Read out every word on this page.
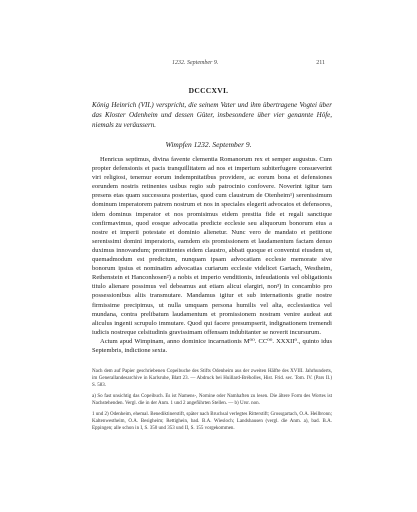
1232. September 9.	211
DCCCXVI.
König Heinrich (VII.) verspricht, die seinem Vater und ihm übertragene Vogtei über das Kloster Odenheim und dessen Güter, insbesondere über vier genannte Höfe, niemals zu veräussern.
Wimpfen 1232. September 9.

Henricus septimus, divina favente clementia Romanorum rex et semper augustus. Cum propter defensionis et pacis tranquillitatem ad nos et imperium subiterfugere consueverint viri religiosi, tenemur eorum indempnitatibus providere, ac eorum bona et defensiones eorundem nostris retinentes usibus regio sub patrocinio confovere. Noverint igitur tam presens etas quam successura posteritas, quod cum claustrum de Otenheim¹) serenissimum dominum imperatorem patrem nostrum et nos in speciales elegerit advocatos et defensores, idem dominus imperator et nos promisimus eidem prestita fide et regali sanctique confirmavimus, quod eosque advocatia predicte ecclesie seu aliquorum bonorum eius a nostre et imperii potestate et dominio alienetur. Nunc vero de mandato et petitione serenissimi domini imperatoris, eamdem eis promissionem et laudamentum factam denuo duximus innovandum; promittentes eidem claustro, abbati quoque et conventui eiusdem ut, quemadmodum est predictum, nunquam ipsam advocatiam ecclesie memorate sive bonorum ipsius et nominatim advocatias curiarum ecclesie videlicet Gartach, Westheim, Rethenstein et Hanconhosen²) a nobis et imperio venditionis, infeudationis vel obligationis titulo alienare possimus vel debeamus aut etiam alicui elargiri, non³) in concambio pro possessionibus aliis transmutare. Mandamus igitur et sub internationis gratie nostre firmissime precipimus, ut nulla umquam persona humilis vel alta, ecclesiastica vel mundana, contra prelibatum laudamentum et promissionem nostram venire audeat aut aliculus ingenii scrupulo immutare. Quod qui facere presumpserit, indignationem tremendi iudicis nostreque celsitudinis gravissimam offensam indubitanter se noverit incursurum.

Actum apud Wimpinam, anno dominice incarnationis M⁰⁰. CC⁰⁰. XXXII⁰., quinto idus Septembris, indictione sexta.

Nach dem auf Papier geschriebenen Copeibuche des Stifts Odenheim aus der zweiten Hälfte des XVIII. Jahrhunderts, im Generallandesarchive in Karlsruhe, Blatt 23. — Abdruck bei Huillard-Bréholles, Hist. Frid. sec. Tom. IV. (Pars II.) S. 583.

a) So fast unsichtig das Copeibuch. Es ist Namens-, Nomine oder Namhaften zu lesen. Die ältere Form des Wortes ist Nachstehenden. Vergl. die in der Anm. 1 und 2 angeführten Stellen. — b) Ursr. non.

1 und 2) Odenheim, ehemal. Benediktinerstift, später nach Bruchsal verlegtes Ritterstift; Grossgartach, O.A. Heilbronn; Kaltenwestheim, O.A. Besigheim; Rettighein, bad. B.A. Wiesloch; Landshausen (vergl. die Anm. a), bad. B.A. Eppingen; alle schon in I, S. 350 und 353 und II, S. 155 vorgekommen.
